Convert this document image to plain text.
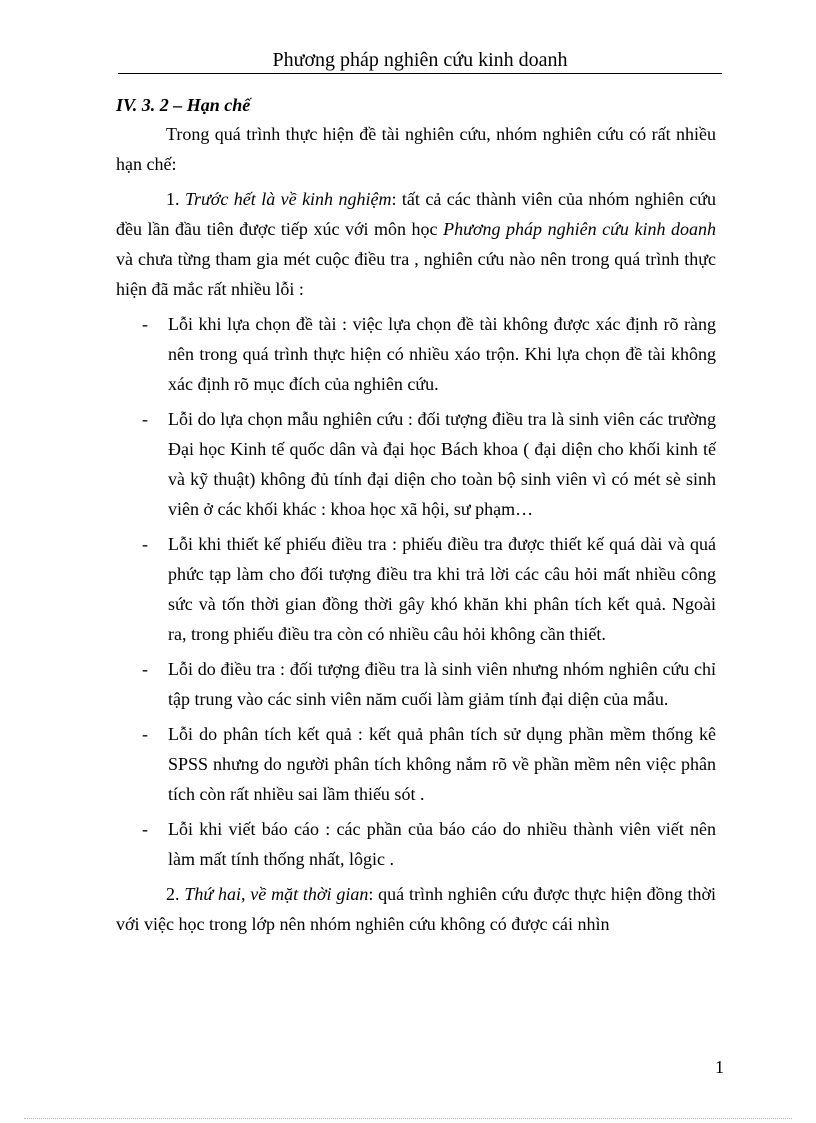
Phương pháp nghiên cứu kinh doanh

IV. 3. 2 – Hạn chế

Trong quá trình thực hiện đề tài nghiên cứu, nhóm nghiên cứu có rất nhiều hạn chế:

1. Trước hết là về kinh nghiệm: tất cả các thành viên của nhóm nghiên cứu đều lần đầu tiên được tiếp xúc với môn học Phương pháp nghiên cứu kinh doanh và chưa từng tham gia mét cuộc điều tra , nghiên cứu nào nên trong quá trình thực hiện đã mắc rất nhiều lỗi :

- Lỗi khi lựa chọn đề tài : việc lựa chọn đề tài không được xác định rõ ràng nên trong quá trình thực hiện có nhiều xáo trộn. Khi lựa chọn đề tài không xác định rõ mục đích của nghiên cứu.
- Lỗi do lựa chọn mẫu nghiên cứu : đối tượng điều tra là sinh viên các trường Đại học Kinh tế quốc dân và đại học Bách khoa ( đại diện cho khối kinh tế và kỹ thuật) không đủ tính đại diện cho toàn bộ sinh viên vì có mét sè sinh viên ở các khối khác : khoa học xã hội, sư phạm…
- Lỗi khi thiết kế phiếu điều tra : phiếu điều tra được thiết kế quá dài và quá phức tạp làm cho đối tượng điều tra khi trả lời các câu hỏi mất nhiều công sức và tốn thời gian đồng thời gây khó khăn khi phân tích kết quả. Ngoài ra, trong phiếu điều tra còn có nhiều câu hỏi không cần thiết.
- Lỗi do điều tra : đối tượng điều tra là sinh viên nhưng nhóm nghiên cứu chỉ tập trung vào các sinh viên năm cuối làm giảm tính đại diện của mẫu.
- Lỗi do phân tích kết quả : kết quả phân tích sử dụng phần mềm thống kê SPSS nhưng do người phân tích không nắm rõ về phần mềm nên việc phân tích còn rất nhiều sai lầm thiếu sót .
- Lỗi khi viết báo cáo : các phần của báo cáo do nhiều thành viên viết nên làm mất tính thống nhất, lôgic .

2. Thứ hai, về mặt thời gian: quá trình nghiên cứu được thực hiện đồng thời với việc học trong lớp nên nhóm nghiên cứu không có được cái nhìn

1
